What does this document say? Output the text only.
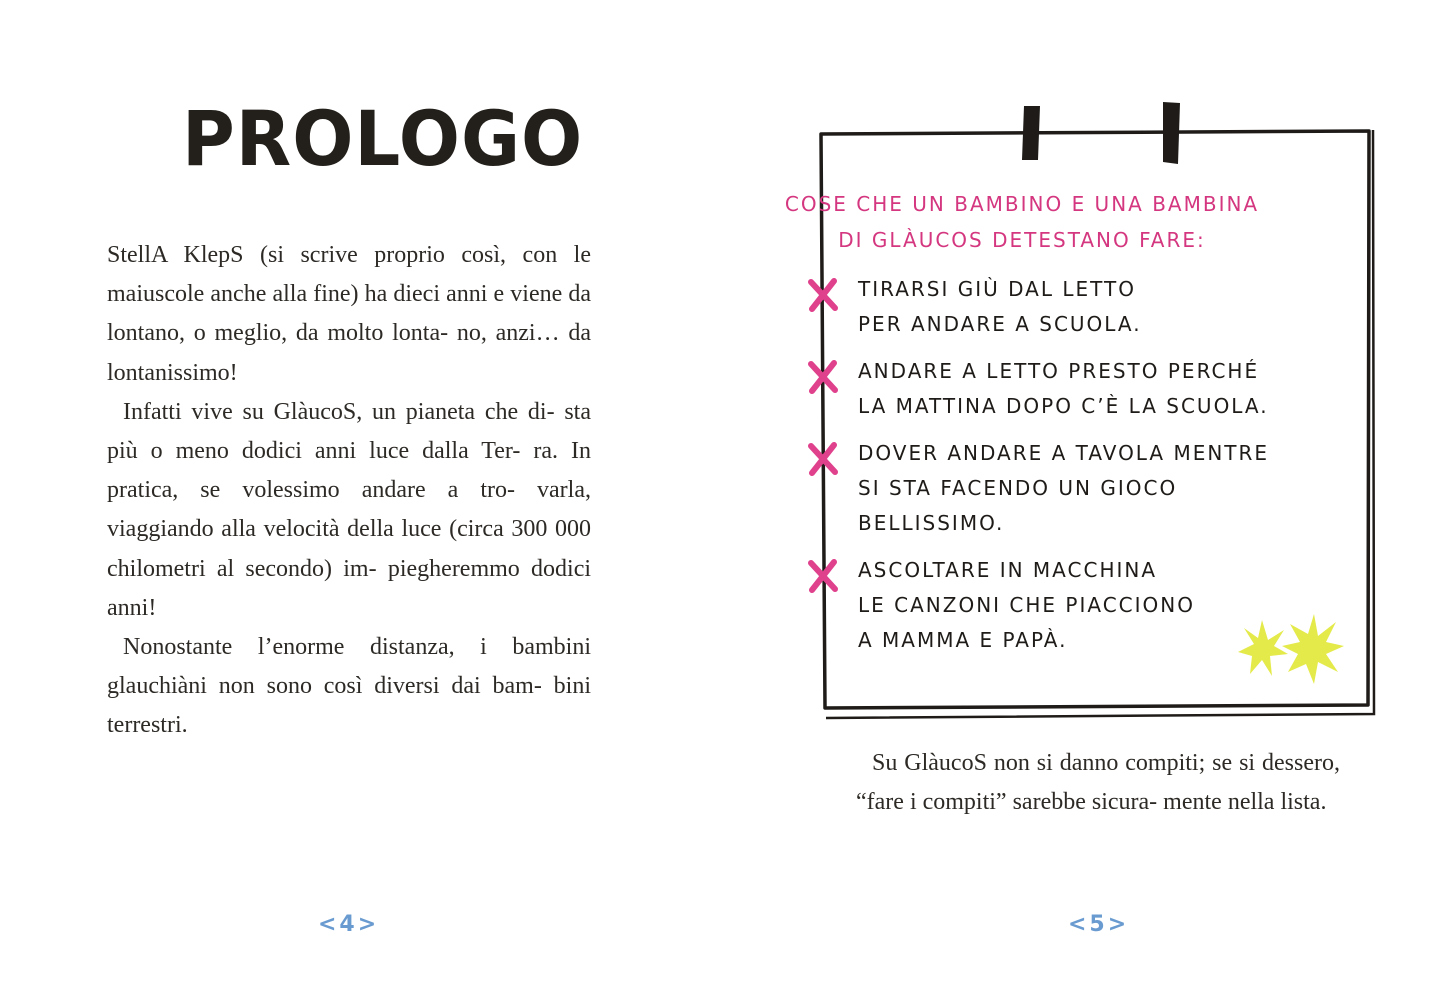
PROLOGO

StellA KlepS (si scrive proprio così, con le maiuscole anche alla fine) ha dieci anni e viene da lontano, o meglio, da molto lonta- no, anzi… da lontanissimo!

Infatti vive su GlàucoS, un pianeta che di- sta più o meno dodici anni luce dalla Ter- ra. In pratica, se volessimo andare a tro- varla, viaggiando alla velocità della luce (circa 300 000 chilometri al secondo) im- piegheremmo dodici anni!

Nonostante l’enorme distanza, i bambini glauchiàni non sono così diversi dai bam- bini terrestri.

<4>
COSE CHE UN BAMBINO E UNA BAMBINA
DI GLÀUCOS DETESTANO FARE:
TIRARSI GIÙ DAL LETTO
PER ANDARE A SCUOLA.
ANDARE A LETTO PRESTO PERCHÉ
LA MATTINA DOPO C’È LA SCUOLA.
DOVER ANDARE A TAVOLA MENTRE
SI STA FACENDO UN GIOCO
BELLISSIMO.
ASCOLTARE IN MACCHINA
LE CANZONI CHE PIACCIONO
A MAMMA E PAPÀ.

Su GlàucoS non si danno compiti; se si dessero, “fare i compiti” sarebbe sicura- mente nella lista.

<5>
